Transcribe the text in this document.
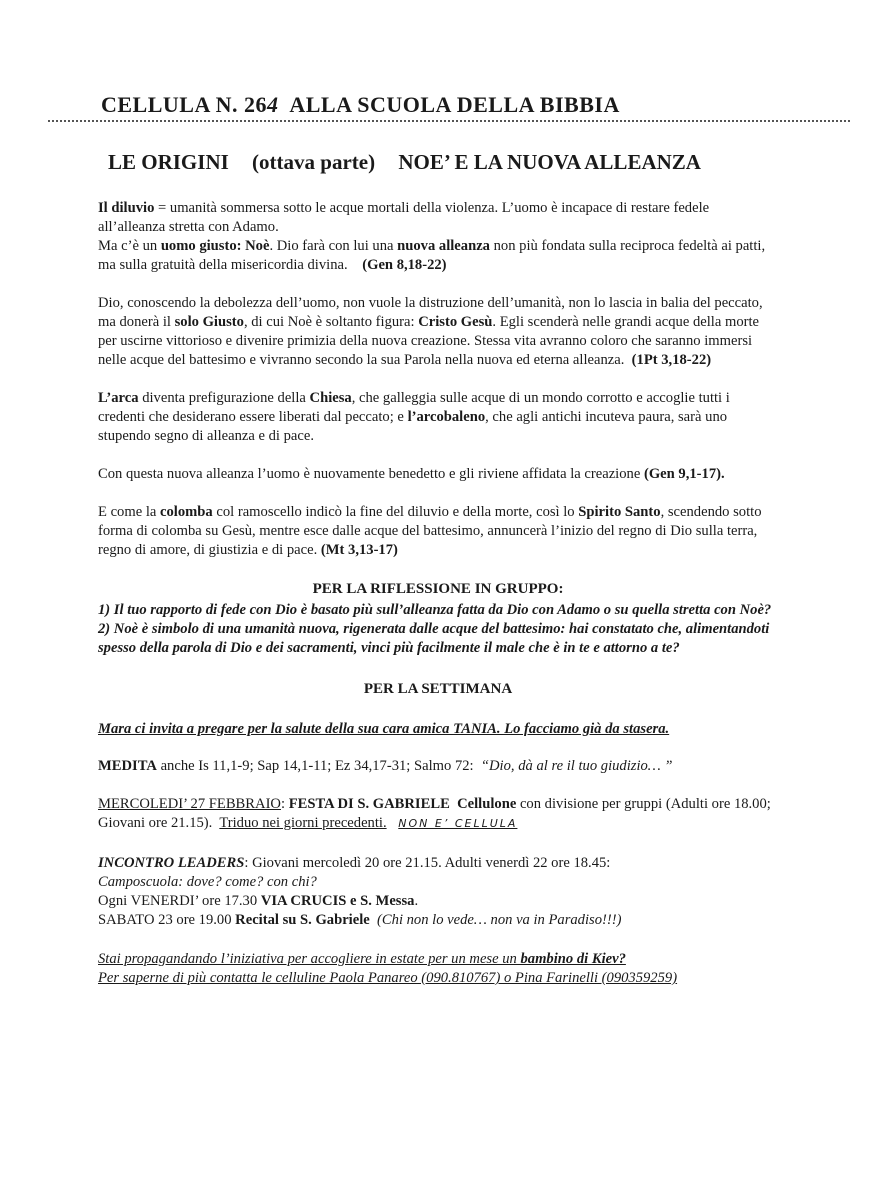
CELLULA N. 264 ALLA SCUOLA DELLA BIBBIA
LE ORIGINI (ottava parte) NOE’ E LA NUOVA ALLEANZA

Il diluvio = umanità sommersa sotto le acque mortali della violenza. L’uomo è incapace di restare fedele all’alleanza stretta con Adamo.
Ma c’è un uomo giusto: Noè. Dio farà con lui una nuova alleanza non più fondata sulla reciproca fedeltà ai patti, ma sulla gratuità della misericordia divina. (Gen 8,18-22)

Dio, conoscendo la debolezza dell’uomo, non vuole la distruzione dell’umanità, non lo lascia in balia del peccato, ma donerà il solo Giusto, di cui Noè è soltanto figura: Cristo Gesù. Egli scenderà nelle grandi acque della morte per uscirne vittorioso e divenire primizia della nuova creazione. Stessa vita avranno coloro che saranno immersi nelle acque del battesimo e vivranno secondo la sua Parola nella nuova ed eterna alleanza. (1Pt 3,18-22)

L’arca diventa prefigurazione della Chiesa, che galleggia sulle acque di un mondo corrotto e accoglie tutti i credenti che desiderano essere liberati dal peccato; e l’arcobaleno, che agli antichi incuteva paura, sarà uno stupendo segno di alleanza e di pace.

Con questa nuova alleanza l’uomo è nuovamente benedetto e gli riviene affidata la creazione (Gen 9,1-17).

E come la colomba col ramoscello indicò la fine del diluvio e della morte, così lo Spirito Santo, scendendo sotto forma di colomba su Gesù, mentre esce dalle acque del battesimo, annuncerà l’inizio del regno di Dio sulla terra, regno di amore, di giustizia e di pace. (Mt 3,13-17)

PER LA RIFLESSIONE IN GRUPPO:

1) Il tuo rapporto di fede con Dio è basato più sull’alleanza fatta da Dio con Adamo o su quella stretta con Noè?

2) Noè è simbolo di una umanità nuova, rigenerata dalle acque del battesimo: hai constatato che, alimentandoti spesso della parola di Dio e dei sacramenti, vinci più facilmente il male che è in te e attorno a te?

PER LA SETTIMANA

Mara ci invita a pregare per la salute della sua cara amica TANIA. Lo facciamo già da stasera.

MEDITA anche Is 11,1-9; Sap 14,1-11; Ez 34,17-31; Salmo 72: “Dio, dà al re il tuo giudizio… ”

MERCOLEDI’ 27 FEBBRAIO: FESTA DI S. GABRIELE Cellulone con divisione per gruppi (Adulti ore 18.00; Giovani ore 21.15). Triduo nei giorni precedenti. NON E’ CELLULA

INCONTRO LEADERS: Giovani mercoledì 20 ore 21.15. Adulti venerdì 22 ore 18.45:
Camposcuola: dove? come? con chi?
Ogni VENERDI’ ore 17.30 VIA CRUCIS e S. Messa.
SABATO 23 ore 19.00 Recital su S. Gabriele (Chi non lo vede… non va in Paradiso!!!)

Stai propagandando l’iniziativa per accogliere in estate per un mese un bambino di Kiev?

Per saperne di più contatta le celluline Paola Panareo (090.810767) o Pina Farinelli (090359259)
